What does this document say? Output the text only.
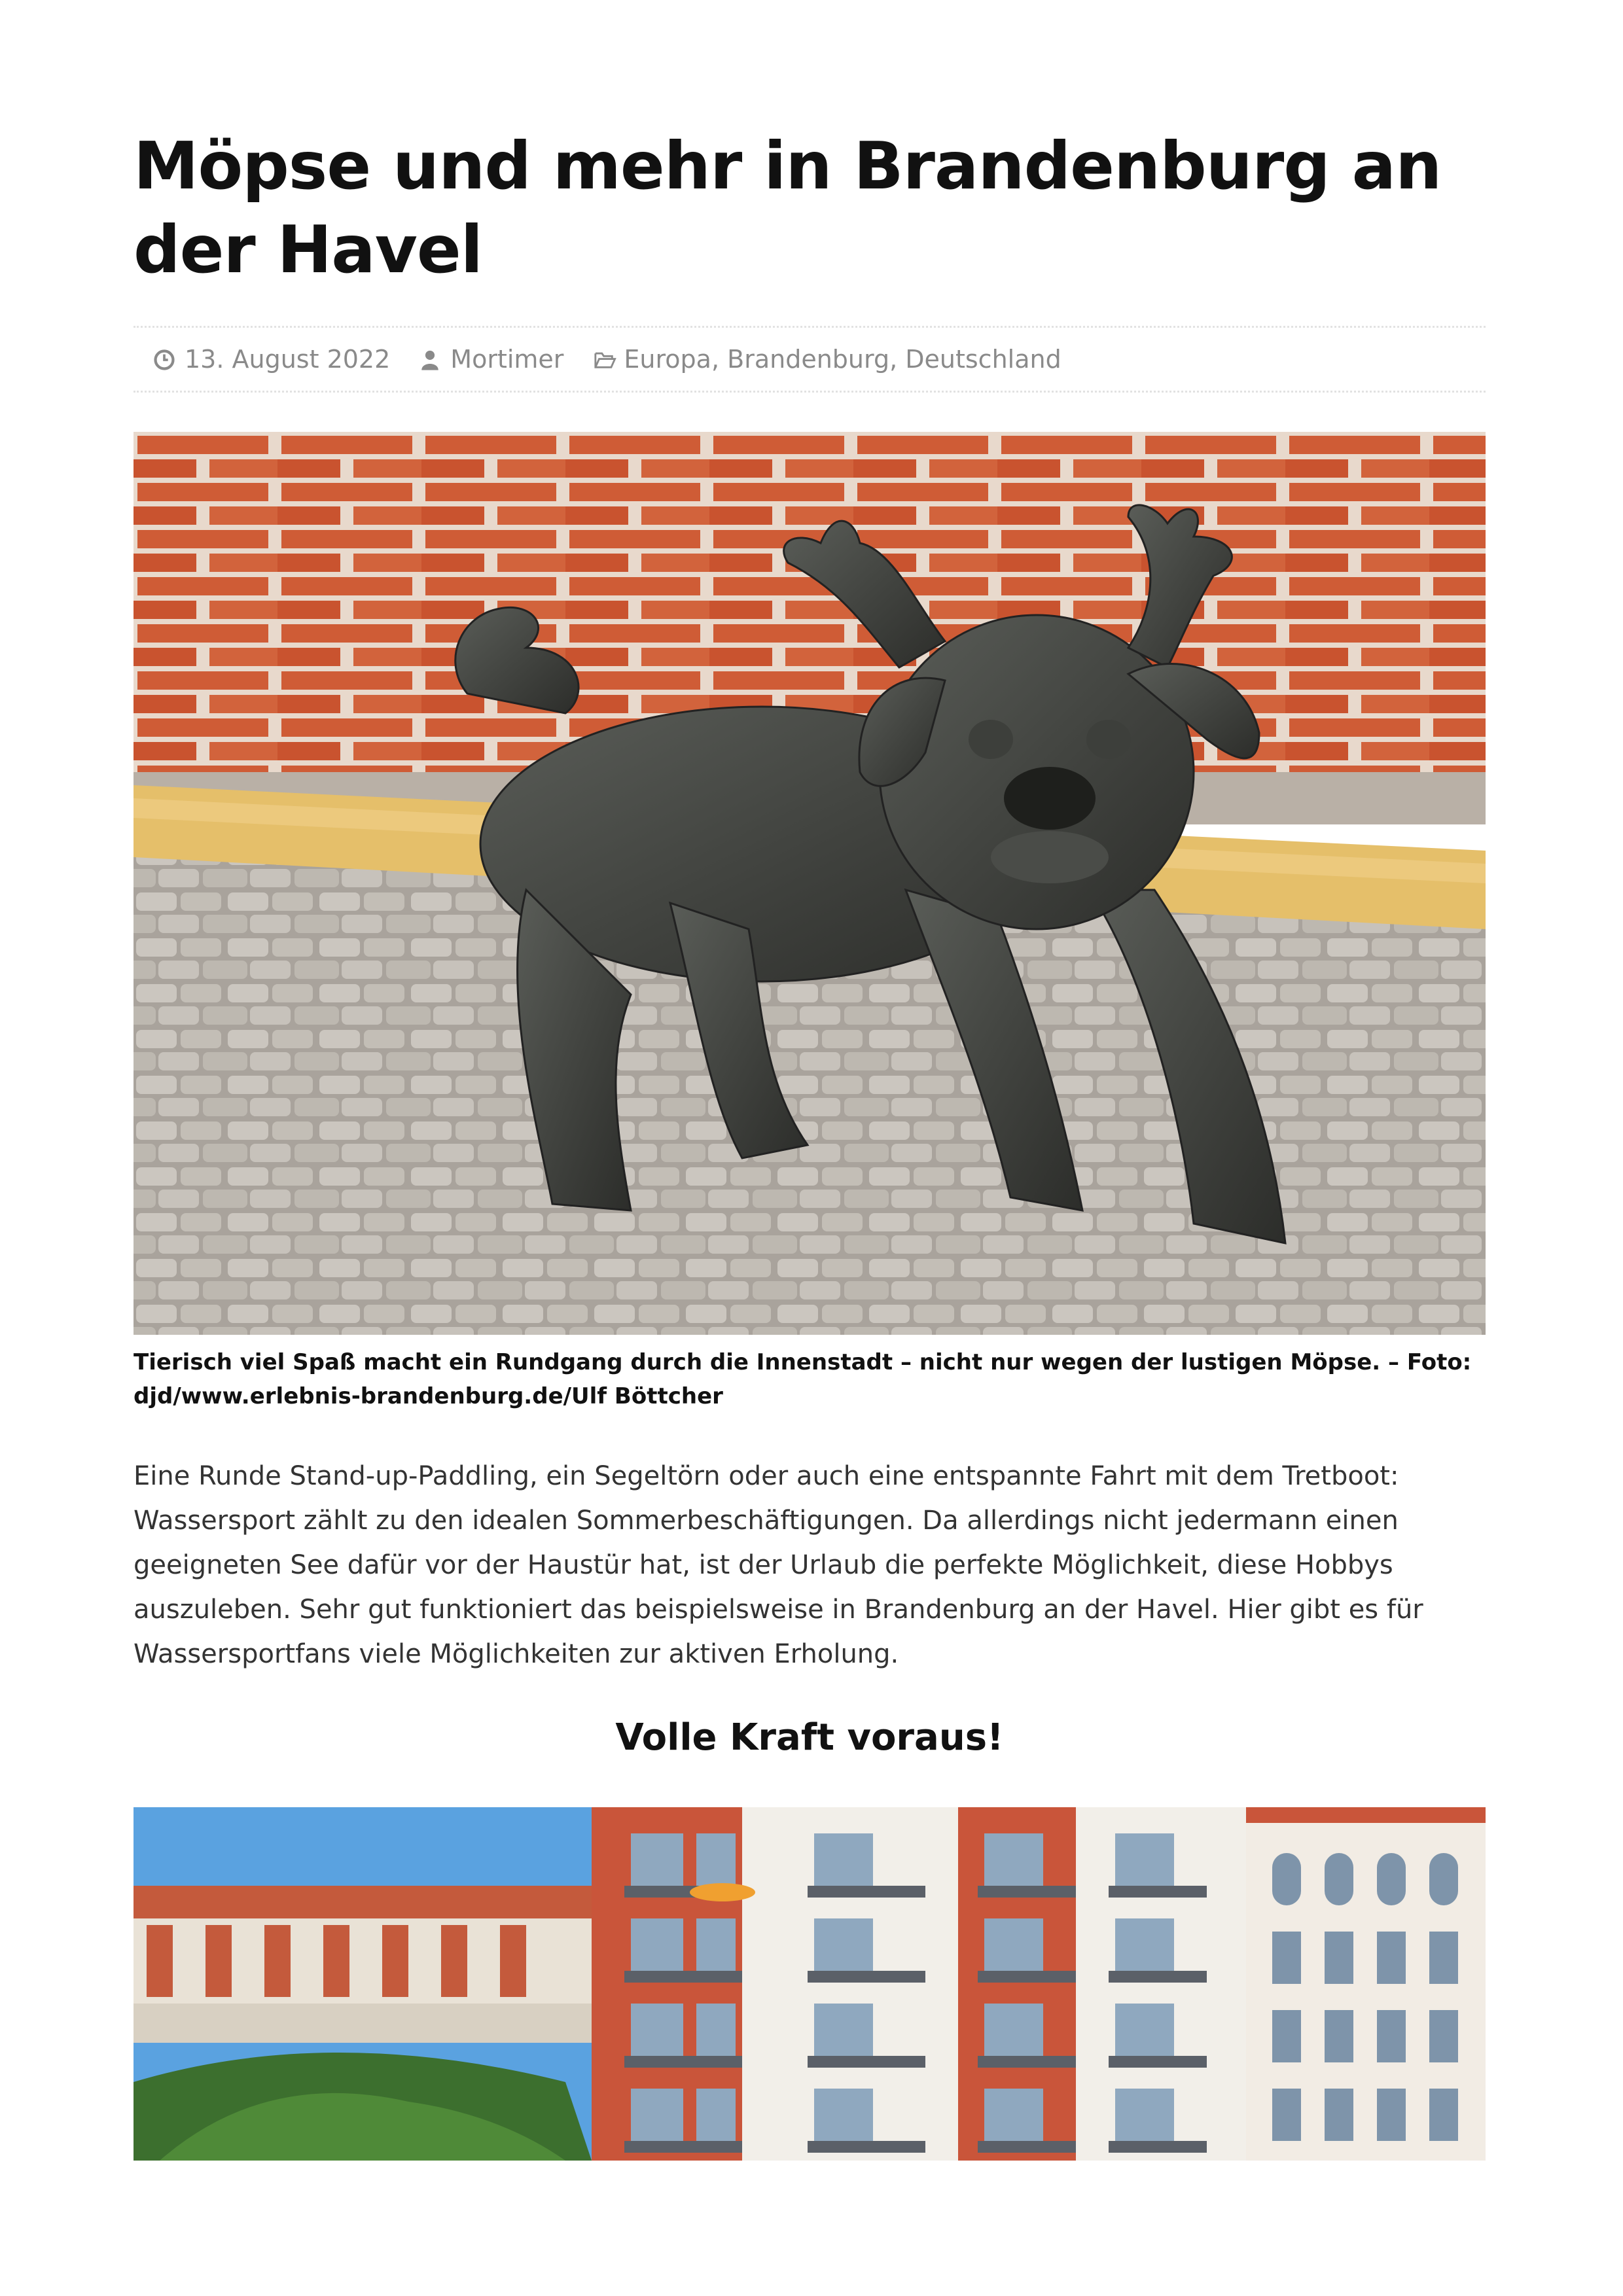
Möpse und mehr in Brandenburg an der Havel
13. August 2022 Mortimer Europa , Brandenburg , Deutschland

Tierisch viel Spaß macht ein Rundgang durch die Innenstadt – nicht nur wegen der lustigen Möpse. – Foto: djd/www.erlebnis-brandenburg.de/Ulf Böttcher

Eine Runde Stand-up-Paddling, ein Segeltörn oder auch eine entspannte Fahrt mit dem Tretboot: Wassersport zählt zu den idealen Sommerbeschäftigungen. Da allerdings nicht jedermann einen geeigneten See dafür vor der Haustür hat, ist der Urlaub die perfekte Möglichkeit, diese Hobbys auszuleben. Sehr gut funktioniert das beispielsweise in Brandenburg an der Havel. Hier gibt es für Wassersportfans viele Möglichkeiten zur aktiven Erholung.

Volle Kraft voraus!
